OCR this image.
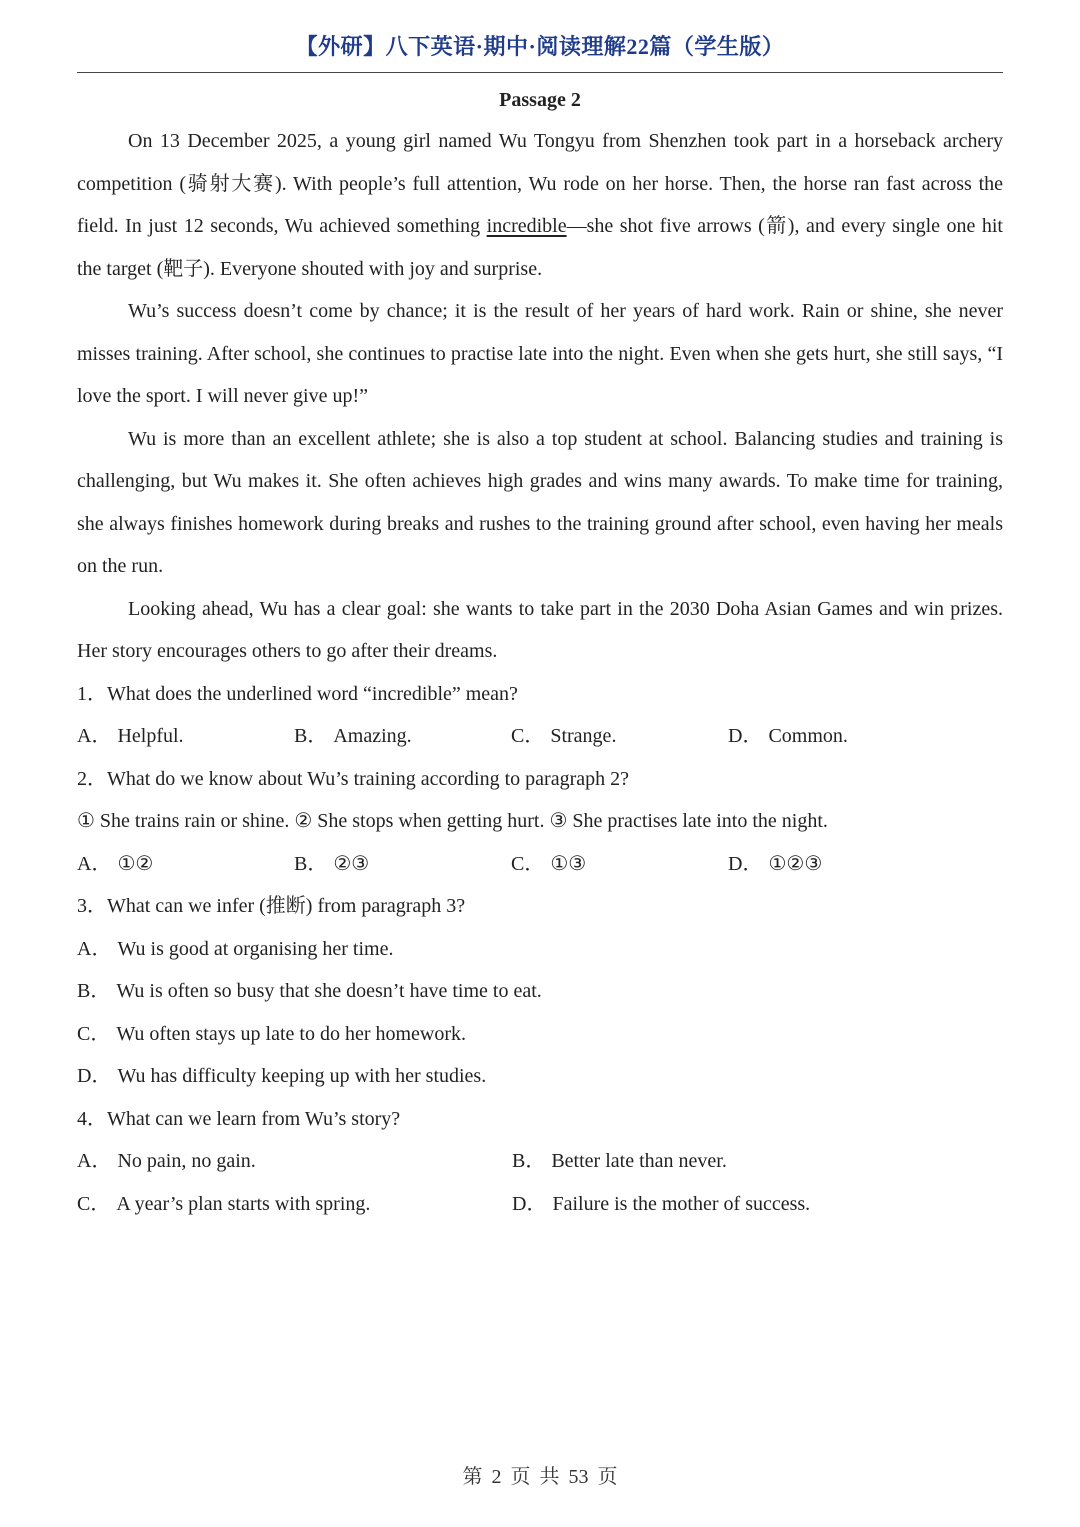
【外研】八下英语·期中·阅读理解22篇（学生版）
Passage 2

On 13 December 2025, a young girl named Wu Tongyu from Shenzhen took part in a horseback archery competition (骑射大赛). With people’s full attention, Wu rode on her horse. Then, the horse ran fast across the field. In just 12 seconds, Wu achieved something incredible—she shot five arrows (箭), and every single one hit the target (靶子). Everyone shouted with joy and surprise.

Wu’s success doesn’t come by chance; it is the result of her years of hard work. Rain or shine, she never misses training. After school, she continues to practise late into the night. Even when she gets hurt, she still says, “I love the sport. I will never give up!”

Wu is more than an excellent athlete; she is also a top student at school. Balancing studies and training is challenging, but Wu makes it. She often achieves high grades and wins many awards. To make time for training, she always finishes homework during breaks and rushes to the training ground after school, even having her meals on the run.

Looking ahead, Wu has a clear goal: she wants to take part in the 2030 Doha Asian Games and win prizes. Her story encourages others to go after their dreams.

1．What does the underlined word “incredible” mean?

A． Helpful.	B． Amazing.	C． Strange.	D． Common.

2．What do we know about Wu’s training according to paragraph 2?

① She trains rain or shine. ② She stops when getting hurt. ③ She practises late into the night.

A． ①②	B． ②③	C． ①③	D． ①②③

3．What can we infer (推断) from paragraph 3?

A． Wu is good at organising her time.
B． Wu is often so busy that she doesn’t have time to eat.
C． Wu often stays up late to do her homework.
D． Wu has difficulty keeping up with her studies.

4．What can we learn from Wu’s story?

A． No pain, no gain.	B． Better late than never.
C． A year’s plan starts with spring.	D． Failure is the mother of success.
第 2 页 共 53 页
